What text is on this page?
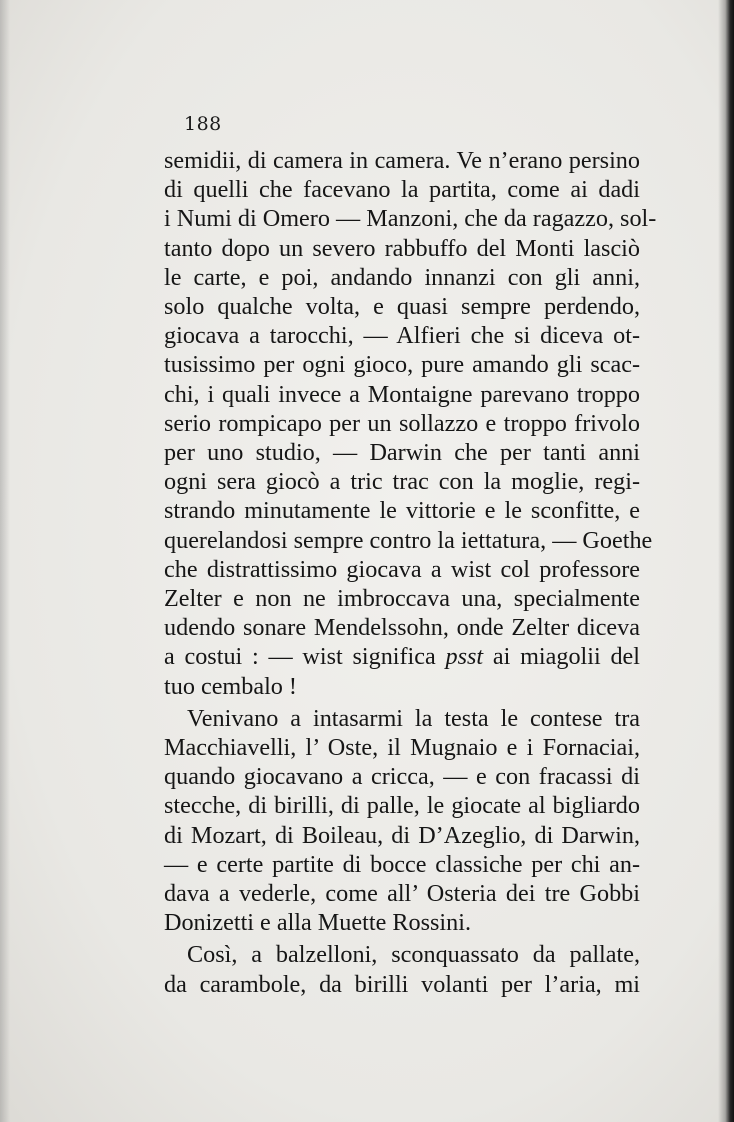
188
semidii, di camera in camera. Ve n’erano persino
di quelli che facevano la partita, come ai dadi
i Numi di Omero — Manzoni, che da ragazzo, sol-
tanto dopo un severo rabbuffo del Monti lasciò
le carte, e poi, andando innanzi con gli anni,
solo qualche volta, e quasi sempre perdendo,
giocava a tarocchi, — Alfieri che si diceva ot-
tusissimo per ogni gioco, pure amando gli scac-
chi, i quali invece a Montaigne parevano troppo
serio rompicapo per un sollazzo e troppo frivolo
per uno studio, — Darwin che per tanti anni
ogni sera giocò a tric trac con la moglie, regi-
strando minutamente le vittorie e le sconfitte, e
querelandosi sempre contro la iettatura, — Goethe
che distrattissimo giocava a wist col professore
Zelter e non ne imbroccava una, specialmente
udendo sonare Mendelssohn, onde Zelter diceva
a costui : — wist significa psst ai miagolii del
tuo cembalo !
Venivano a intasarmi la testa le contese tra
Macchiavelli, l’ Oste, il Mugnaio e i Fornaciai,
quando giocavano a cricca, — e con fracassi di
stecche, di birilli, di palle, le giocate al bigliardo
di Mozart, di Boileau, di D’Azeglio, di Darwin,
— e certe partite di bocce classiche per chi an-
dava a vederle, come all’ Osteria dei tre Gobbi
Donizetti e alla Muette Rossini.
Così, a balzelloni, sconquassato da pallate,
da carambole, da birilli volanti per l’aria, mi
